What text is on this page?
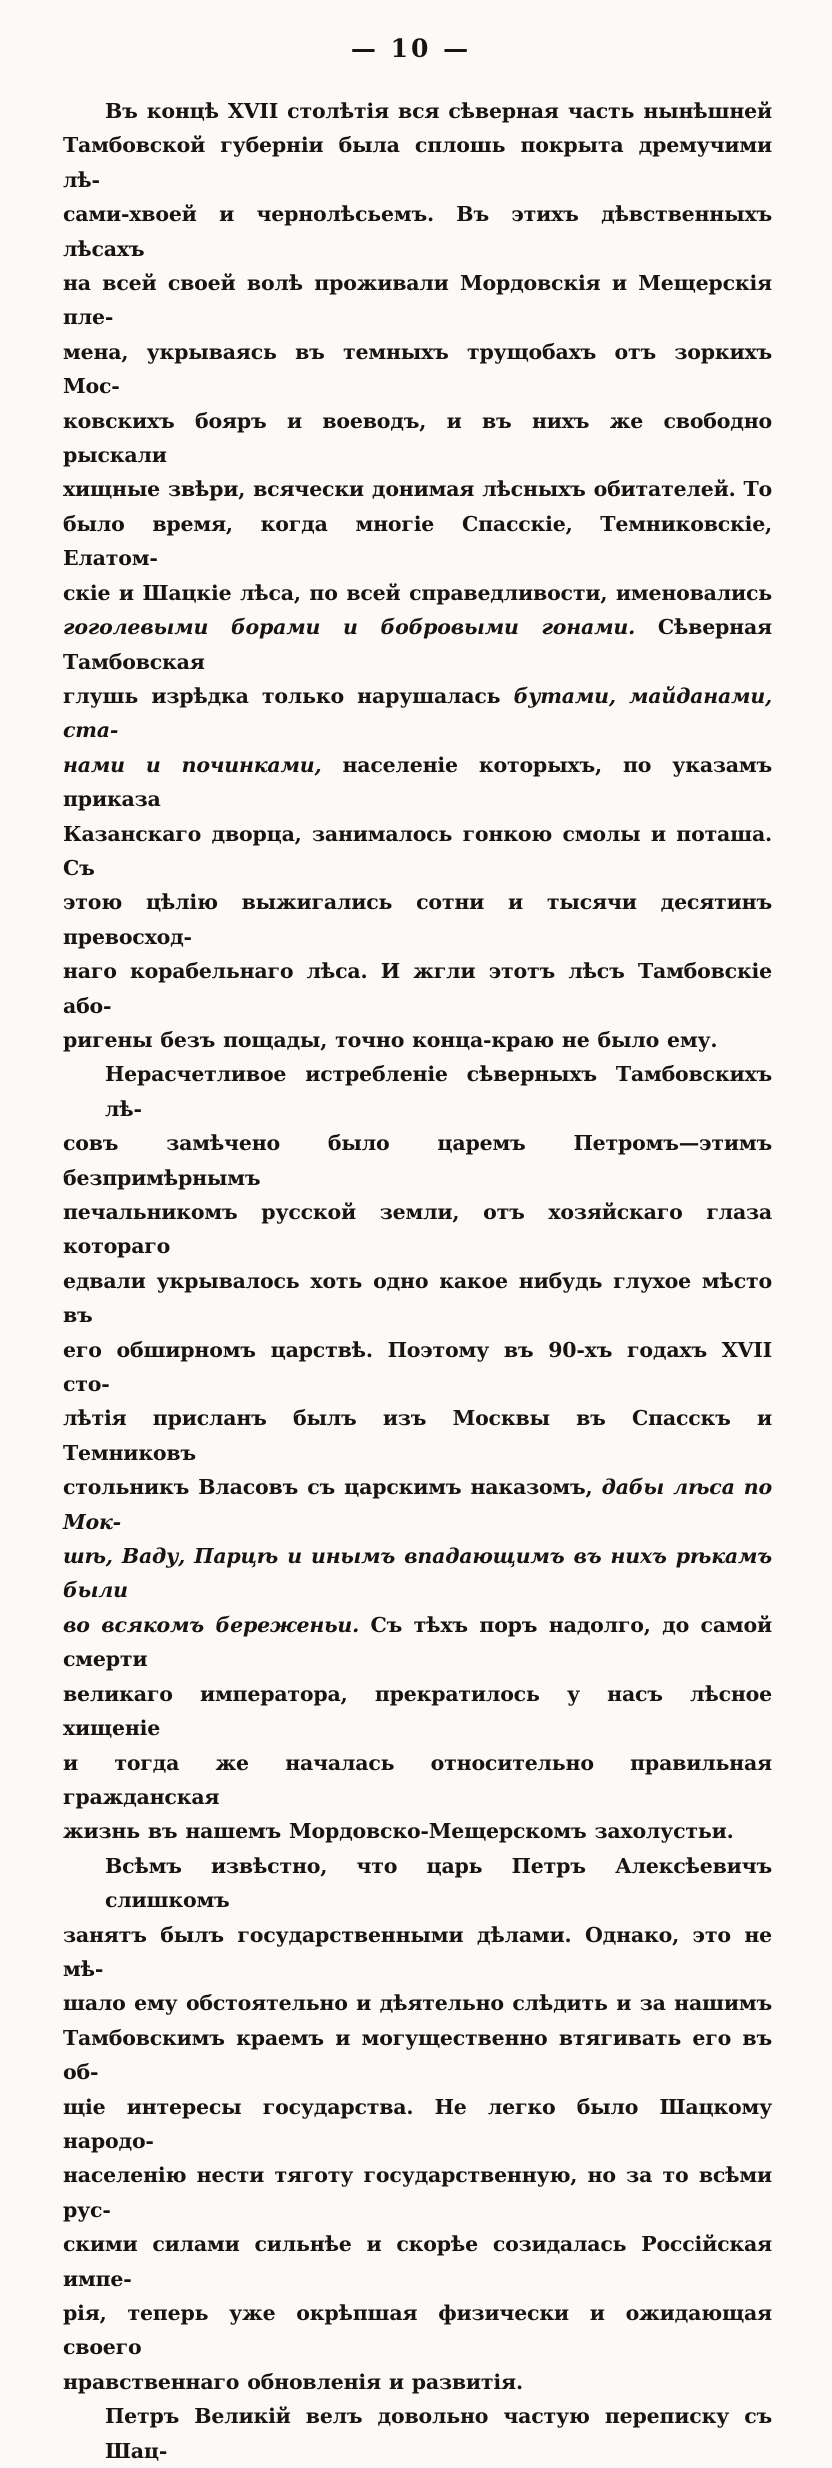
— 10 —
Въ концѣ XVII столѣтія вся сѣверная часть нынѣшней
Тамбовской губерніи была сплошь покрыта дремучими лѣ-
сами-хвоей и чернолѣсьемъ. Въ этихъ дѣвственныхъ лѣсахъ
на всей своей волѣ проживали Мордовскія и Мещерскія пле-
мена, укрываясь въ темныхъ трущобахъ отъ зоркихъ Мос-
ковскихъ бояръ и воеводъ, и въ нихъ же свободно рыскали
хищные звѣри, всячески донимая лѣсныхъ обитателей. То
было время, когда многіе Спасскіе, Темниковскіе, Елатом-
скіе и Шацкіе лѣса, по всей справедливости, именовались
гоголевыми борами и бобровыми гонами. Сѣверная Тамбовская
глушь изрѣдка только нарушалась бутами, майданами, ста-
нами и починками, населеніе которыхъ, по указамъ приказа
Казанскаго дворца, занималось гонкою смолы и поташа. Съ
этою цѣлію выжигались сотни и тысячи десятинъ превосход-
наго корабельнаго лѣса. И жгли этотъ лѣсъ Тамбовскіе або-
ригены безъ пощады, точно конца-краю не было ему.
Нерасчетливое истребленіе сѣверныхъ Тамбовскихъ лѣ-
совъ замѣчено было царемъ Петромъ—этимъ безпримѣрнымъ
печальникомъ русской земли, отъ хозяйскаго глаза котораго
едвали укрывалось хоть одно какое нибудь глухое мѣсто въ
его обширномъ царствѣ. Поэтому въ 90-хъ годахъ XVII сто-
лѣтія присланъ былъ изъ Москвы въ Спасскъ и Темниковъ
стольникъ Власовъ съ царскимъ наказомъ, дабы лѣса по Мок-
шѣ, Ваду, Парцѣ и инымъ впадающимъ въ нихъ рѣкамъ были
во всякомъ береженьи. Съ тѣхъ поръ надолго, до самой смерти
великаго императора, прекратилось у насъ лѣсное хищеніе
и тогда же началась относительно правильная гражданская
жизнь въ нашемъ Мордовско-Мещерскомъ захолустьи.
Всѣмъ извѣстно, что царь Петръ Алексѣевичъ слишкомъ
занятъ былъ государственными дѣлами. Однако, это не мѣ-
шало ему обстоятельно и дѣятельно слѣдить и за нашимъ
Тамбовскимъ краемъ и могущественно втягивать его въ об-
щіе интересы государства. Не легко было Шацкому народо-
населенію нести тяготу государственную, но за то всѣми рус-
скими силами сильнѣе и скорѣе созидалась Россійская импе-
рія, теперь уже окрѣпшая физически и ожидающая своего
нравственнаго обновленія и развитія.
Петръ Великій велъ довольно частую переписку съ Шац-
